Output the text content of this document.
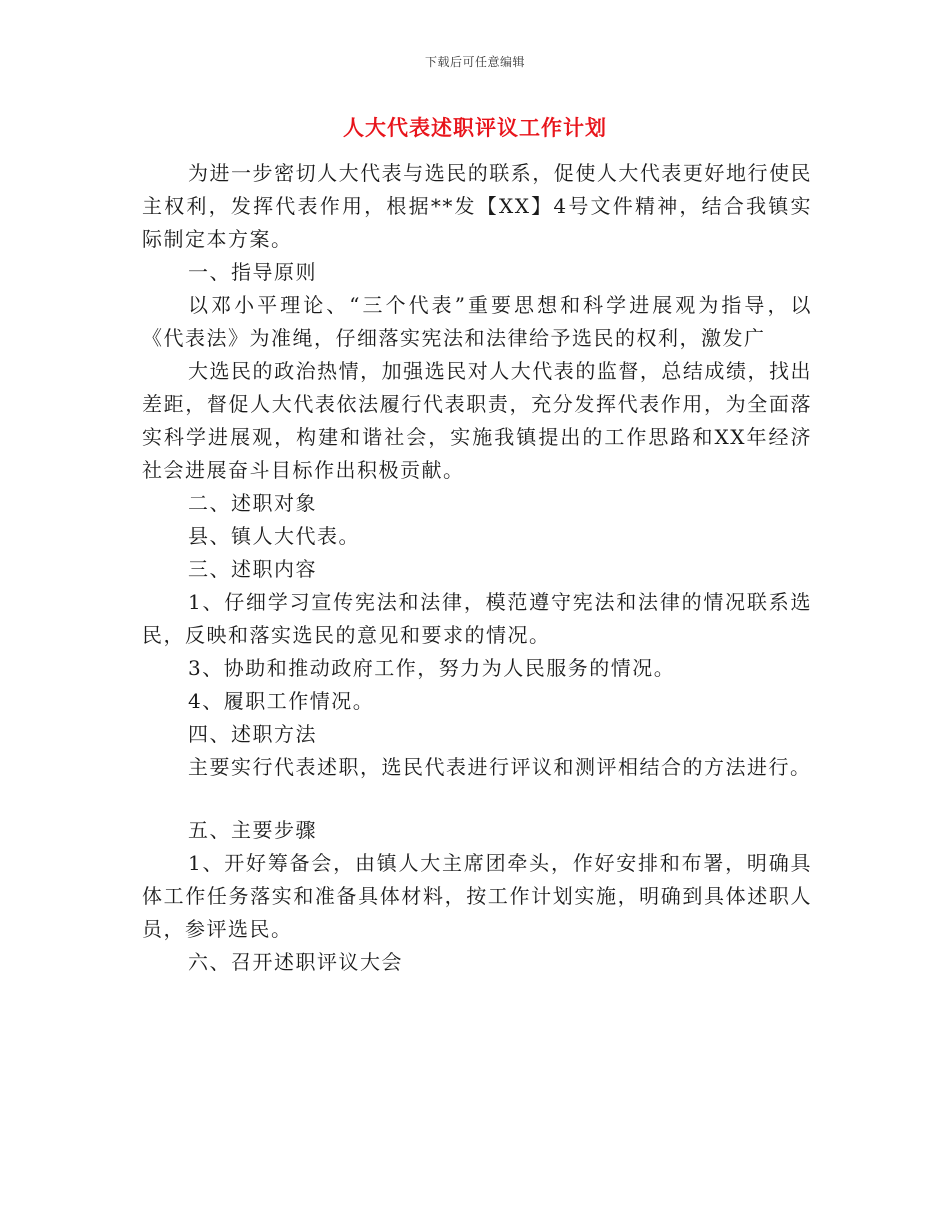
下载后可任意编辑
人大代表述职评议工作计划

为进一步密切人大代表与选民的联系，促使人大代表更好地行使民主权利，发挥代表作用，根据**发【XX】4号文件精神，结合我镇实际制定本方案。

一、指导原则

以邓小平理论、“三个代表”重要思想和科学进展观为指导，以《代表法》为准绳，仔细落实宪法和法律给予选民的权利，激发广

大选民的政治热情，加强选民对人大代表的监督，总结成绩，找出差距，督促人大代表依法履行代表职责，充分发挥代表作用，为全面落实科学进展观，构建和谐社会，实施我镇提出的工作思路和XX年经济社会进展奋斗目标作出积极贡献。

二、述职对象

县、镇人大代表。

三、述职内容

1、仔细学习宣传宪法和法律，模范遵守宪法和法律的情况联系选民，反映和落实选民的意见和要求的情况。

3、协助和推动政府工作，努力为人民服务的情况。

4、履职工作情况。

四、述职方法

主要实行代表述职，选民代表进行评议和测评相结合的方法进行。

五、主要步骤

1、开好筹备会，由镇人大主席团牵头，作好安排和布署，明确具体工作任务落实和准备具体材料，按工作计划实施，明确到具体述职人员，参评选民。

六、召开述职评议大会
